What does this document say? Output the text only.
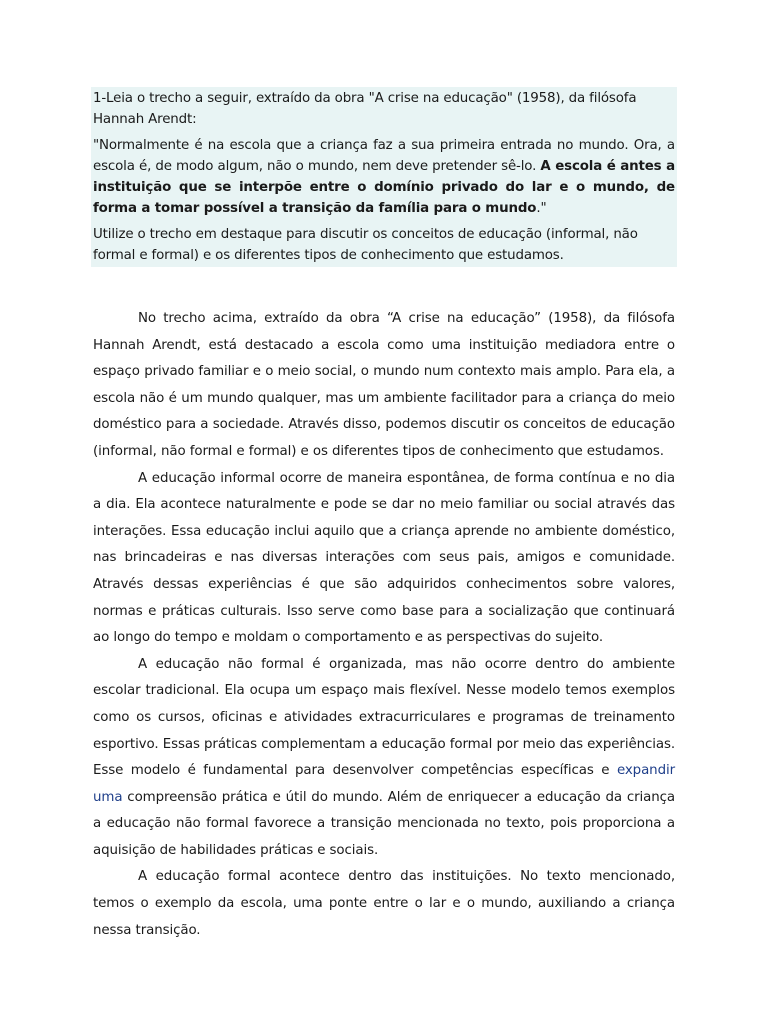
1-Leia o trecho a seguir, extraído da obra "A crise na educação" (1958), da filósofa Hannah Arendt:

"Normalmente é na escola que a criança faz a sua primeira entrada no mundo. Ora, a escola é, de modo algum, não o mundo, nem deve pretender sê-lo. A escola é antes a instituição que se interpõe entre o domínio privado do lar e o mundo, de forma a tomar possível a transição da família para o mundo."

Utilize o trecho em destaque para discutir os conceitos de educação (informal, não formal e formal) e os diferentes tipos de conhecimento que estudamos.

No trecho acima, extraído da obra “A crise na educação” (1958), da filósofa Hannah Arendt, está destacado a escola como uma instituição mediadora entre o espaço privado familiar e o meio social, o mundo num contexto mais amplo. Para ela, a escola não é um mundo qualquer, mas um ambiente facilitador para a criança do meio doméstico para a sociedade. Através disso, podemos discutir os conceitos de educação (informal, não formal e formal) e os diferentes tipos de conhecimento que estudamos.

A educação informal ocorre de maneira espontânea, de forma contínua e no dia a dia. Ela acontece naturalmente e pode se dar no meio familiar ou social através das interações. Essa educação inclui aquilo que a criança aprende no ambiente doméstico, nas brincadeiras e nas diversas interações com seus pais, amigos e comunidade. Através dessas experiências é que são adquiridos conhecimentos sobre valores, normas e práticas culturais. Isso serve como base para a socialização que continuará ao longo do tempo e moldam o comportamento e as perspectivas do sujeito.

A educação não formal é organizada, mas não ocorre dentro do ambiente escolar tradicional. Ela ocupa um espaço mais flexível. Nesse modelo temos exemplos como os cursos, oficinas e atividades extracurriculares e programas de treinamento esportivo. Essas práticas complementam a educação formal por meio das experiências. Esse modelo é fundamental para desenvolver competências específicas e expandir uma compreensão prática e útil do mundo. Além de enriquecer a educação da criança a educação não formal favorece a transição mencionada no texto, pois proporciona a aquisição de habilidades práticas e sociais.

A educação formal acontece dentro das instituições. No texto mencionado, temos o exemplo da escola, uma ponte entre o lar e o mundo, auxiliando a criança nessa transição.
